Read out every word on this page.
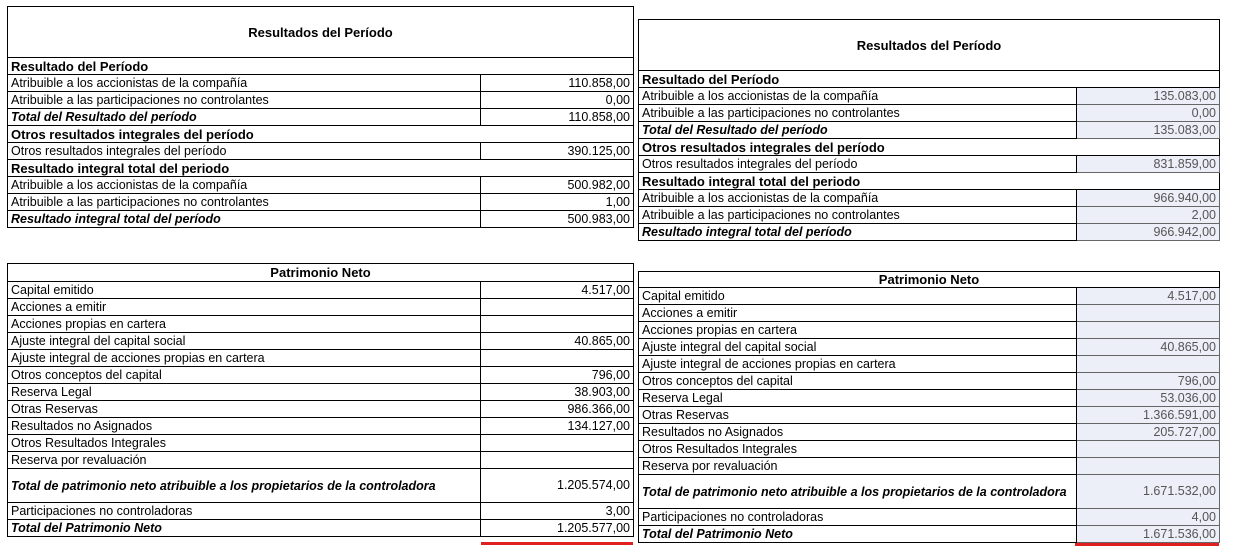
Resultados del Período	
Resultado del Período	
Atribuible a los accionistas de la compañía	110.858,00
Atribuible a las participaciones no controlantes	0,00
Total del Resultado del período	110.858,00
Otros resultados integrales del período	
Otros resultados integrales del período	390.125,00
Resultado integral total del periodo	
Atribuible a los accionistas de la compañía	500.982,00
Atribuible a las participaciones no controlantes	1,00
Resultado integral total del período	500.983,00
Resultados del Período	
Resultado del Período	
Atribuible a los accionistas de la compañía	135.083,00
Atribuible a las participaciones no controlantes	0,00
Total del Resultado del período	135.083,00
Otros resultados integrales del período	
Otros resultados integrales del período	831.859,00
Resultado integral total del periodo	
Atribuible a los accionistas de la compañía	966.940,00
Atribuible a las participaciones no controlantes	2,00
Resultado integral total del período	966.942,00
Patrimonio Neto	
Capital emitido	4.517,00
Acciones a emitir	
Acciones propias en cartera	
Ajuste integral del capital social	40.865,00
Ajuste integral de acciones propias en cartera	
Otros conceptos del capital	796,00
Reserva Legal	38.903,00
Otras Reservas	986.366,00
Resultados no Asignados	134.127,00
Otros Resultados Integrales	
Reserva por revaluación	
Total de patrimonio neto atribuible a los propietarios de la controladora	1.205.574,00
Participaciones no controladoras	3,00
Total del Patrimonio Neto	1.205.577,00
Patrimonio Neto	
Capital emitido	4.517,00
Acciones a emitir	
Acciones propias en cartera	
Ajuste integral del capital social	40.865,00
Ajuste integral de acciones propias en cartera	
Otros conceptos del capital	796,00
Reserva Legal	53.036,00
Otras Reservas	1.366.591,00
Resultados no Asignados	205.727,00
Otros Resultados Integrales	
Reserva por revaluación	
Total de patrimonio neto atribuible a los propietarios de la controladora	1.671.532,00
Participaciones no controladoras	4,00
Total del Patrimonio Neto	1.671.536,00
